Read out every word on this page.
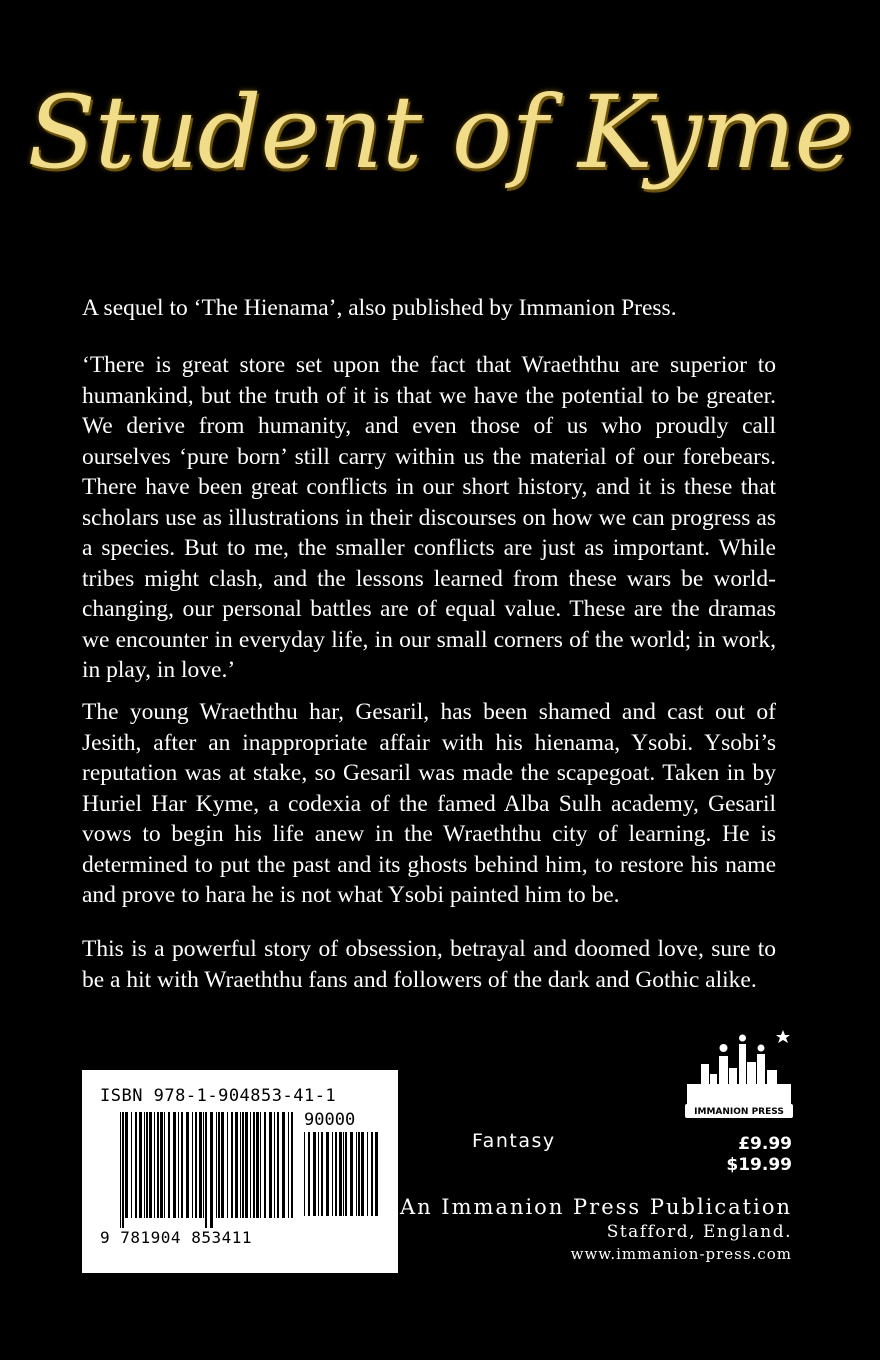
Student of Kyme

A sequel to ‘The Hienama’, also published by Immanion Press.

‘There is great store set upon the fact that Wraeththu are superior to humankind, but the truth of it is that we have the potential to be greater. We derive from humanity, and even those of us who proudly call ourselves ‘pure born’ still carry within us the material of our forebears. There have been great conflicts in our short history, and it is these that scholars use as illustrations in their discourses on how we can progress as a species. But to me, the smaller conflicts are just as important. While tribes might clash, and the lessons learned from these wars be world-changing, our personal battles are of equal value. These are the dramas we encounter in everyday life, in our small corners of the world; in work, in play, in love.’

The young Wraeththu har, Gesaril, has been shamed and cast out of Jesith, after an inappropriate affair with his hienama, Ysobi. Ysobi’s reputation was at stake, so Gesaril was made the scapegoat. Taken in by Huriel Har Kyme, a codexia of the famed Alba Sulh academy, Gesaril vows to begin his life anew in the Wraeththu city of learning. He is determined to put the past and its ghosts behind him, to restore his name and prove to hara he is not what Ysobi painted him to be.

This is a powerful story of obsession, betrayal and doomed love, sure to be a hit with Wraeththu fans and followers of the dark and Gothic alike.

ISBN 978-1-904853-41-1
90000
9 781904 853411
IMMANION PRESS
Fantasy	£9.99
$19.99
An Immanion Press Publication
Stafford, England.
www.immanion-press.com
